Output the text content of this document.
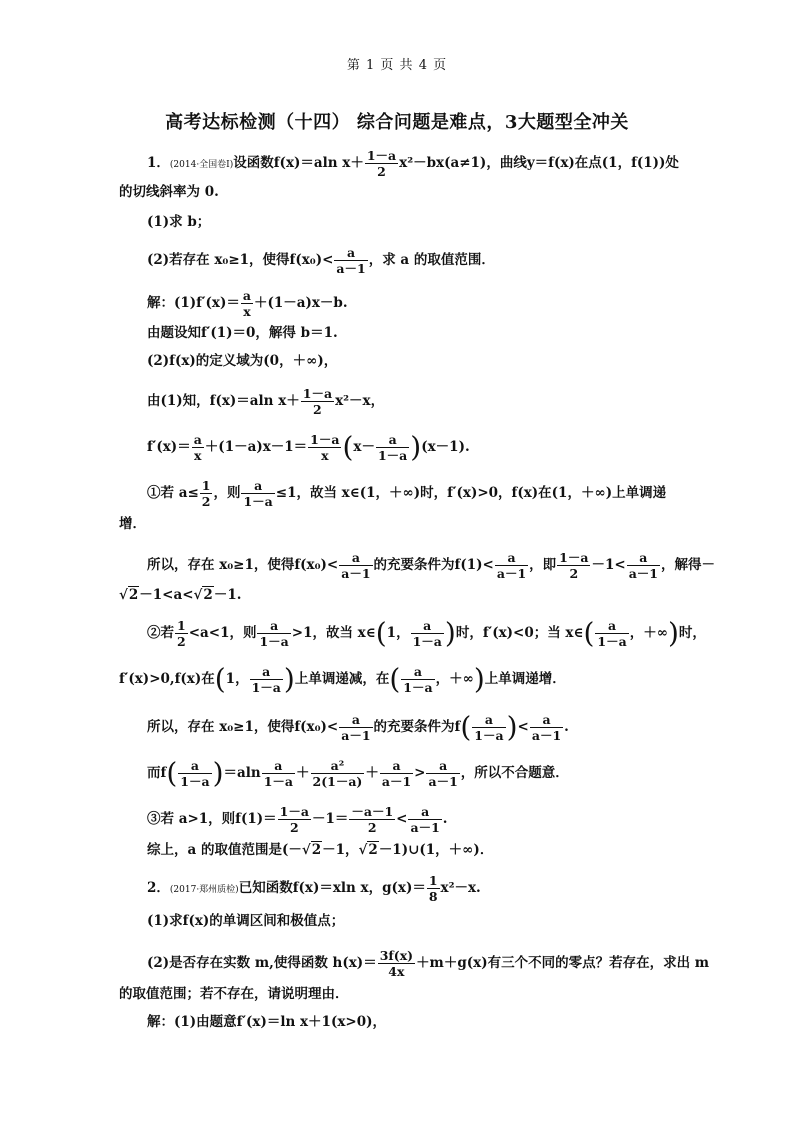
第 1 页 共 4 页
高考达标检测（十四） 综合问题是难点，3大题型全冲关
1．(2014·全国卷Ⅰ)设函数f(x)＝aln $x+ \frac{1-a}{2} x^2-bx(a\ne 1)$，曲线y＝f(x)在点(1，f(1))处
的切线斜率为 0.
(1)求 b；
(2)若存在 x₀≥1，使得$f(x_0)< \frac{a}{a-1}$ ，求 a 的取值范围．
解：$(1)f'(x)= \frac{a}{x} +(1-a)x-b$.
由题设知f′(1)＝0，解得 b＝1.
(2)f(x)的定义域为(0，＋∞)，
由(1)知，f(x)＝aln $x+ \frac{1-a}{2} x^2-x$，
$f'(x)= \frac{a}{x} +(1-a)x-1= \frac{1-a}{x} (x- \frac{a}{1-a} )(x-1)$.
①若 $a\le \frac{1}{2}$ ，则 $\frac{a}{1-a} \le 1$，故当 x∈(1，＋∞)时，f′(x)>0，f(x)在(1，＋∞)上单调递
增．
所以，存在 x₀≥1，使得$f(x_0)< \frac{a}{a-1}$ 的充要条件为$f(1)< \frac{a}{a-1}$ ，即 $\frac{1-a}{2} -1< \frac{a}{a-1}$ ，解得－
√2－1<a<√2－1.
②若 $\frac{1}{2} <a<1$，则 $\frac{a}{1-a} >1$，故当 x∈(1， $\frac{a}{1-a}$ )时，f′(x)<0；当 x∈( $\frac{a}{1-a}$ ，＋∞)时，
f′(x)>0,f(x)在(1， $\frac{a}{1-a}$ )上单调递减，在( $\frac{a}{1-a}$ ，＋∞)上单调递增．
所以，存在 x₀≥1，使得$f(x_0)< \frac{a}{a-1}$ 的充要条件为$f( \frac{a}{1-a}$ )< $\frac{a}{a-1}$ .
而$f( \frac{a}{1-a} )=aln \frac{a}{1-a} + \frac{\text{a²}}{2(1-a)} + \frac{a}{a-1} > \frac{a}{a-1}$ ，所以不合题意．
③若 a>1，则$f(1)= \frac{1-a}{2} -1= \frac{-a-1}{2} < \frac{a}{a-1}$ .
综上，a 的取值范围是(－√2－1，√2－1)∪(1，＋∞)．
2．(2017·郑州质检)已知函数f(x)＝xln x，$g(x)= \frac{1}{8} x^2-x$.
(1)求f(x)的单调区间和极值点；
(2)是否存在实数 m,使得函数 $h(x)= \frac{3f(x)}{4x} +m+g(x)$有三个不同的零点？若存在，求出 m
的取值范围；若不存在，请说明理由．
解：(1)由题意f′(x)＝ln x＋1(x>0)，
